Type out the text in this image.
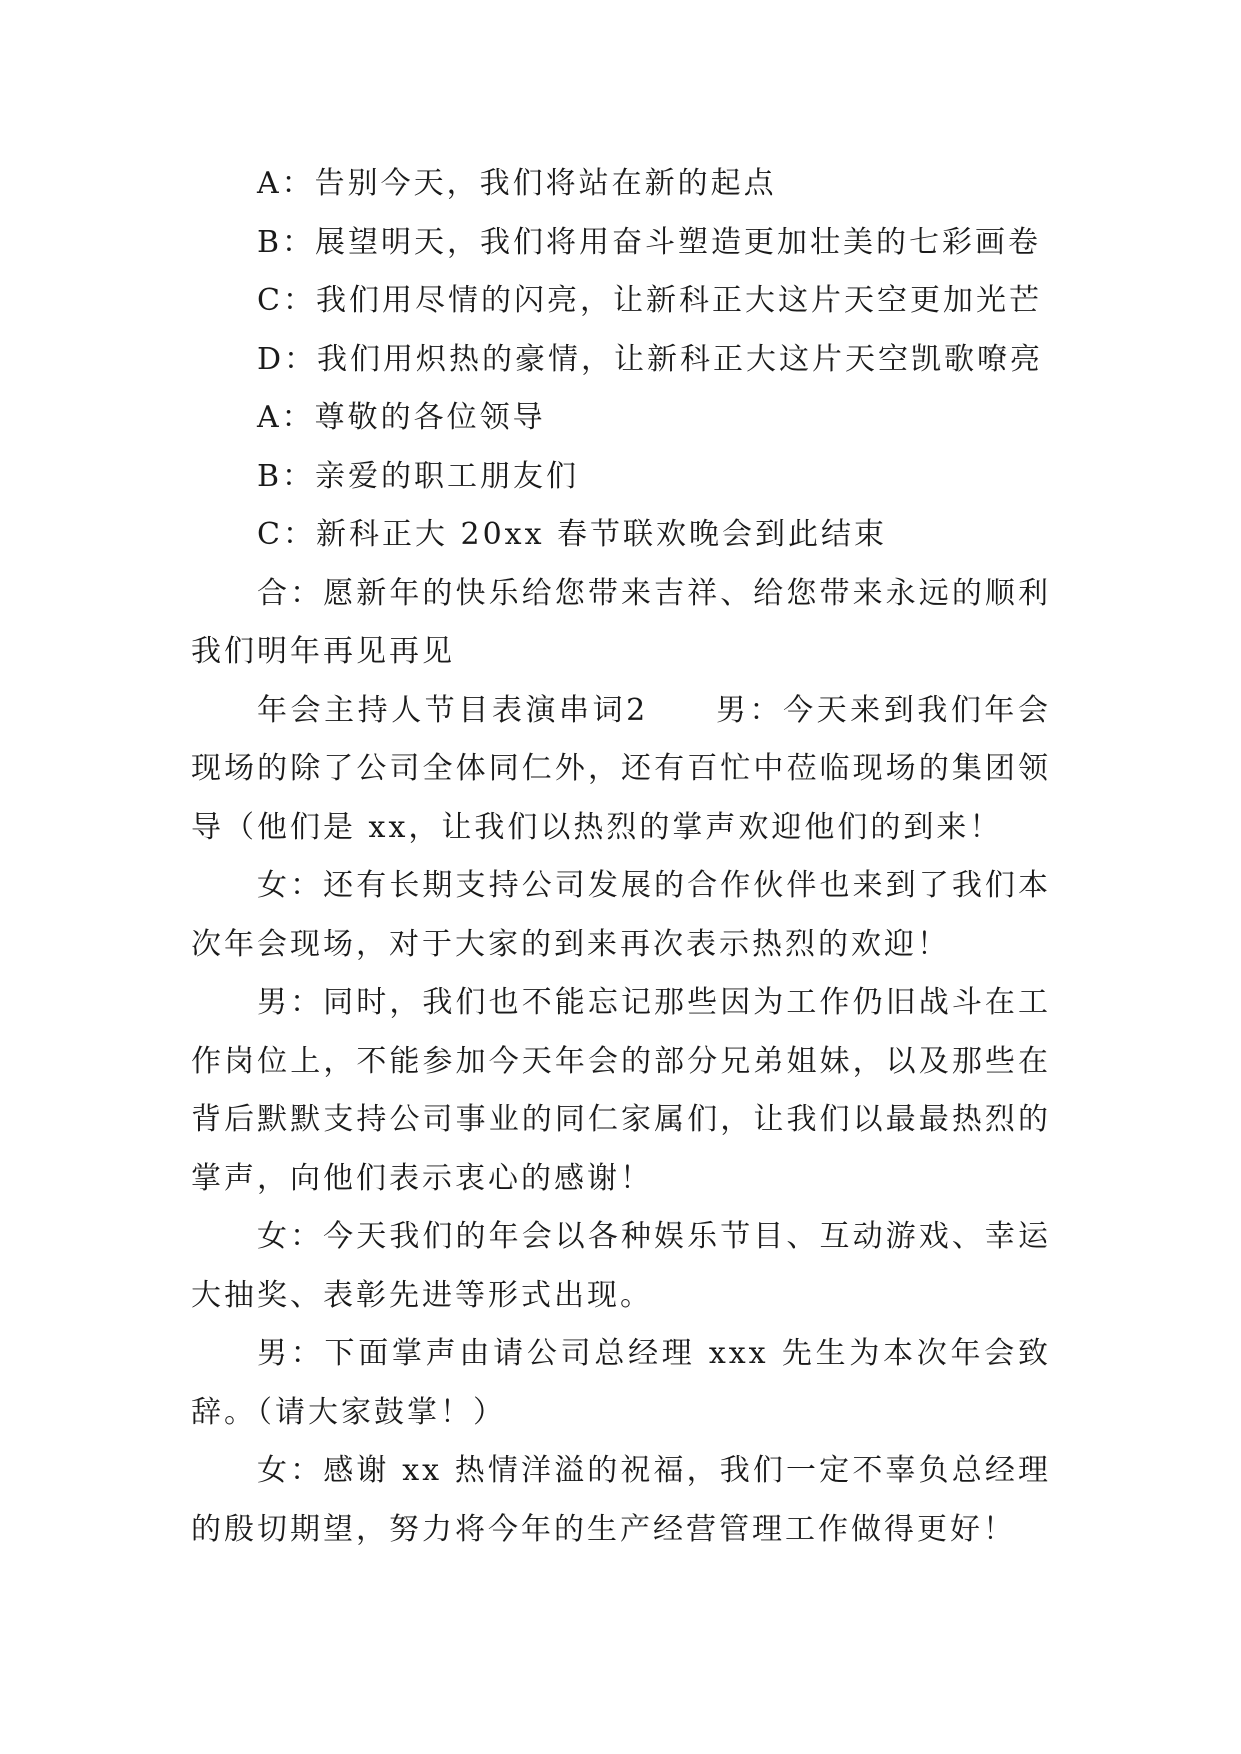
A：告别今天，我们将站在新的起点

B：展望明天，我们将用奋斗塑造更加壮美的七彩画卷

C：我们用尽情的闪亮，让新科正大这片天空更加光芒

D：我们用炽热的豪情，让新科正大这片天空凯歌嘹亮

A：尊敬的各位领导

B：亲爱的职工朋友们

C：新科正大 20xx 春节联欢晚会到此结束

合：愿新年的快乐给您带来吉祥、给您带来永远的顺利我们明年再见再见

年会主持人节目表演串词2　　男：今天来到我们年会现场的除了公司全体同仁外，还有百忙中莅临现场的集团领导（他们是 xx，让我们以热烈的掌声欢迎他们的到来！

女：还有长期支持公司发展的合作伙伴也来到了我们本次年会现场，对于大家的到来再次表示热烈的欢迎！

男：同时，我们也不能忘记那些因为工作仍旧战斗在工作岗位上，不能参加今天年会的部分兄弟姐妹，以及那些在背后默默支持公司事业的同仁家属们，让我们以最最热烈的掌声，向他们表示衷心的感谢！

女：今天我们的年会以各种娱乐节目、互动游戏、幸运大抽奖、表彰先进等形式出现。

男：下面掌声由请公司总经理 xxx 先生为本次年会致辞。（请大家鼓掌！）

女：感谢 xx 热情洋溢的祝福，我们一定不辜负总经理的殷切期望，努力将今年的生产经营管理工作做得更好！
